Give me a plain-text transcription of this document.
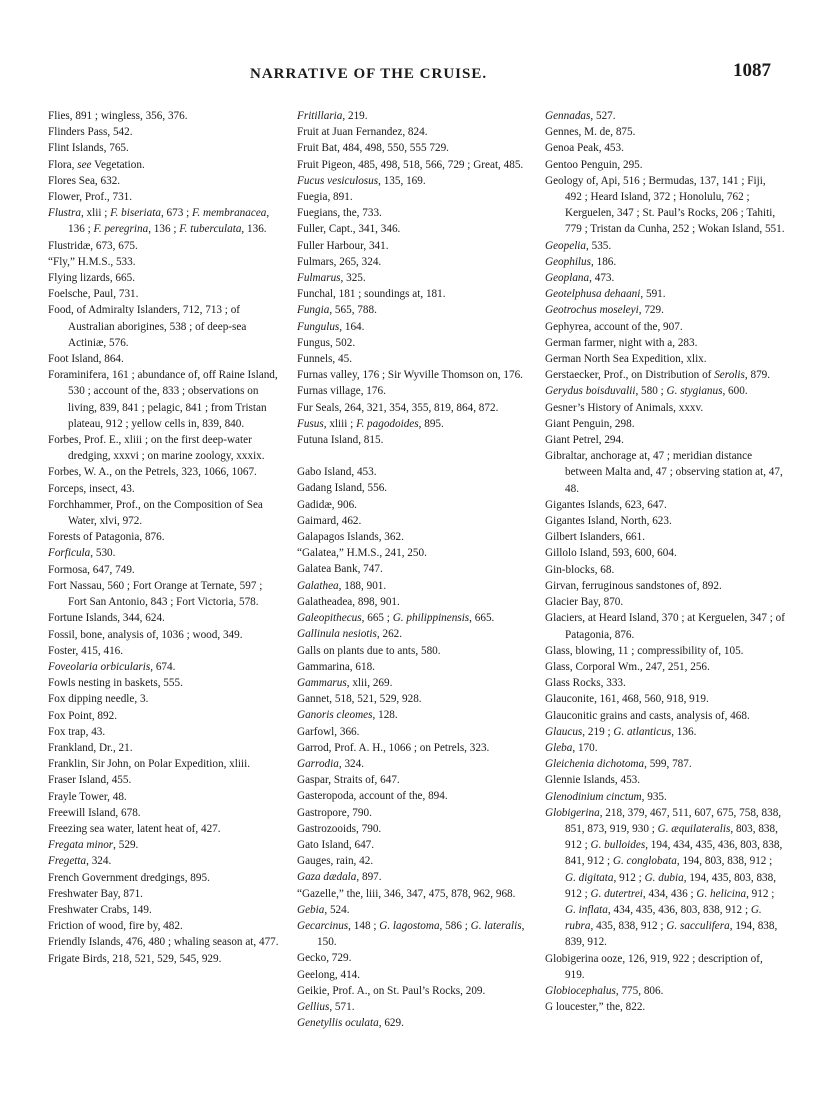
NARRATIVE OF THE CRUISE.	1087

Flies, 891 ; wingless, 356, 376.

Flinders Pass, 542.

Flint Islands, 765.

Flora, see Vegetation.

Flores Sea, 632.

Flower, Prof., 731.

Flustra, xlii ; F. biseriata, 673 ; F. membranacea, 136 ; F. peregrina, 136 ; F. tuberculata, 136.

Flustridæ, 673, 675.

“Fly,” H.M.S., 533.

Flying lizards, 665.

Foelsche, Paul, 731.

Food, of Admiralty Islanders, 712, 713 ; of Australian aborigines, 538 ; of deep-sea Actiniæ, 576.

Foot Island, 864.

Foraminifera, 161 ; abundance of, off Raine Island, 530 ; account of the, 833 ; observations on living, 839, 841 ; pelagic, 841 ; from Tristan plateau, 912 ; yellow cells in, 839, 840.

Forbes, Prof. E., xliii ; on the first deep-water dredging, xxxvi ; on marine zoology, xxxix.

Forbes, W. A., on the Petrels, 323, 1066, 1067.

Forceps, insect, 43.

Forchhammer, Prof., on the Composition of Sea Water, xlvi, 972.

Forests of Patagonia, 876.

Forficula, 530.

Formosa, 647, 749.

Fort Nassau, 560 ; Fort Orange at Ternate, 597 ; Fort San Antonio, 843 ; Fort Victoria, 578.

Fortune Islands, 344, 624.

Fossil, bone, analysis of, 1036 ; wood, 349.

Foster, 415, 416.

Foveolaria orbicularis, 674.

Fowls nesting in baskets, 555.

Fox dipping needle, 3.

Fox Point, 892.

Fox trap, 43.

Frankland, Dr., 21.

Franklin, Sir John, on Polar Expedition, xliii.

Fraser Island, 455.

Frayle Tower, 48.

Freewill Island, 678.

Freezing sea water, latent heat of, 427.

Fregata minor, 529.

Fregetta, 324.

French Government dredgings, 895.

Freshwater Bay, 871.

Freshwater Crabs, 149.

Friction of wood, fire by, 482.

Friendly Islands, 476, 480 ; whaling season at, 477.

Frigate Birds, 218, 521, 529, 545, 929.

Fritillaria, 219.

Fruit at Juan Fernandez, 824.

Fruit Bat, 484, 498, 550, 555 729.

Fruit Pigeon, 485, 498, 518, 566, 729 ; Great, 485.

Fucus vesiculosus, 135, 169.

Fuegia, 891.

Fuegians, the, 733.

Fuller, Capt., 341, 346.

Fuller Harbour, 341.

Fulmars, 265, 324.

Fulmarus, 325.

Funchal, 181 ; soundings at, 181.

Fungia, 565, 788.

Fungulus, 164.

Fungus, 502.

Funnels, 45.

Furnas valley, 176 ; Sir Wyville Thomson on, 176.

Furnas village, 176.

Fur Seals, 264, 321, 354, 355, 819, 864, 872.

Fusus, xliii ; F. pagodoides, 895.

Futuna Island, 815.

Gabo Island, 453.

Gadang Island, 556.

Gadidæ, 906.

Gaimard, 462.

Galapagos Islands, 362.

“Galatea,” H.M.S., 241, 250.

Galatea Bank, 747.

Galathea, 188, 901.

Galatheadea, 898, 901.

Galeopithecus, 665 ; G. philippinensis, 665.

Gallinula nesiotis, 262.

Galls on plants due to ants, 580.

Gammarina, 618.

Gammarus, xlii, 269.

Gannet, 518, 521, 529, 928.

Ganoris cleomes, 128.

Garfowl, 366.

Garrod, Prof. A. H., 1066 ; on Petrels, 323.

Garrodia, 324.

Gaspar, Straits of, 647.

Gasteropoda, account of the, 894.

Gastropore, 790.

Gastrozooids, 790.

Gato Island, 647.

Gauges, rain, 42.

Gaza dædala, 897.

“Gazelle,” the, liii, 346, 347, 475, 878, 962, 968.

Gebia, 524.

Gecarcinus, 148 ; G. lagostoma, 586 ; G. lateralis, 150.

Gecko, 729.

Geelong, 414.

Geikie, Prof. A., on St. Paul’s Rocks, 209.

Gellius, 571.

Genetyllis oculata, 629.

Gennadas, 527.

Gennes, M. de, 875.

Genoa Peak, 453.

Gentoo Penguin, 295.

Geology of, Api, 516 ; Bermudas, 137, 141 ; Fiji, 492 ; Heard Island, 372 ; Honolulu, 762 ; Kerguelen, 347 ; St. Paul’s Rocks, 206 ; Tahiti, 779 ; Tristan da Cunha, 252 ; Wokan Island, 551.

Geopelia, 535.

Geophilus, 186.

Geoplana, 473.

Geotelphusa dehaani, 591.

Geotrochus moseleyi, 729.

Gephyrea, account of the, 907.

German farmer, night with a, 283.

German North Sea Expedition, xlix.

Gerstaecker, Prof., on Distribution of Serolis, 879.

Gerydus boisduvalii, 580 ; G. stygianus, 600.

Gesner’s History of Animals, xxxv.

Giant Penguin, 298.

Giant Petrel, 294.

Gibraltar, anchorage at, 47 ; meridian distance between Malta and, 47 ; observing station at, 47, 48.

Gigantes Islands, 623, 647.

Gigantes Island, North, 623.

Gilbert Islanders, 661.

Gillolo Island, 593, 600, 604.

Gin-blocks, 68.

Girvan, ferruginous sandstones of, 892.

Glacier Bay, 870.

Glaciers, at Heard Island, 370 ; at Kerguelen, 347 ; of Patagonia, 876.

Glass, blowing, 11 ; compressibility of, 105.

Glass, Corporal Wm., 247, 251, 256.

Glass Rocks, 333.

Glauconite, 161, 468, 560, 918, 919.

Glauconitic grains and casts, analysis of, 468.

Glaucus, 219 ; G. atlanticus, 136.

Gleba, 170.

Gleichenia dichotoma, 599, 787.

Glennie Islands, 453.

Glenodinium cinctum, 935.

Globigerina, 218, 379, 467, 511, 607, 675, 758, 838, 851, 873, 919, 930 ; G. æquilateralis, 803, 838, 912 ; G. bulloides, 194, 434, 435, 436, 803, 838, 841, 912 ; G. conglobata, 194, 803, 838, 912 ; G. digitata, 912 ; G. dubia, 194, 435, 803, 838, 912 ; G. dutertrei, 434, 436 ; G. helicina, 912 ; G. inflata, 434, 435, 436, 803, 838, 912 ; G. rubra, 435, 838, 912 ; G. sacculifera, 194, 838, 839, 912.

Globigerina ooze, 126, 919, 922 ; description of, 919.

Globiocephalus, 775, 806.

G loucester,” the, 822.
